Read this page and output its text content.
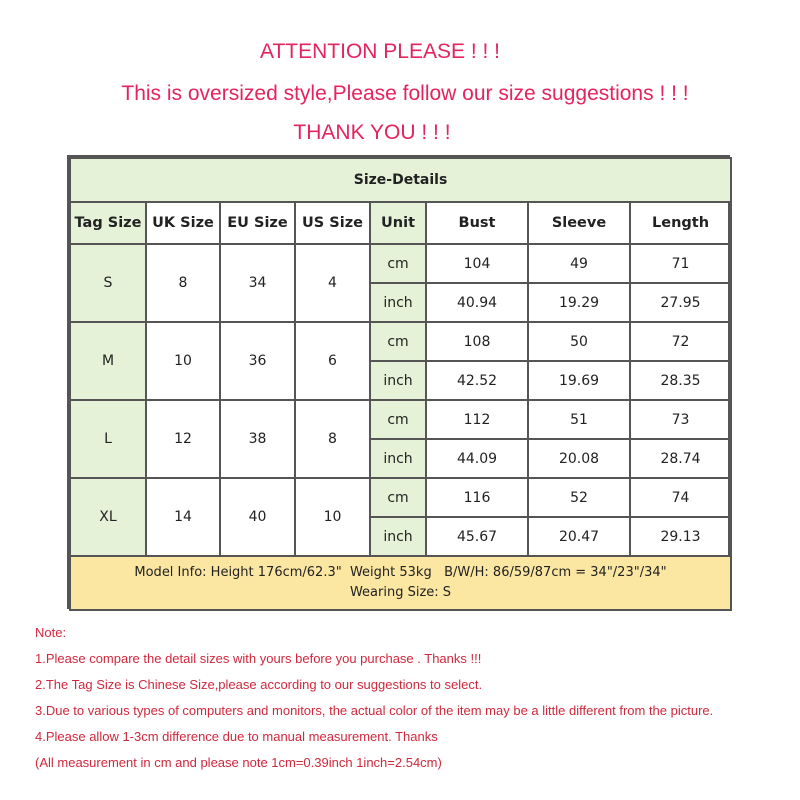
ATTENTION PLEASE ! ! !
This is oversized style,Please follow our size suggestions ! ! !
THANK YOU ! ! !
Size-Details							
Tag Size	UK Size	EU Size	US Size	Unit	Bust	Sleeve	Length
S	8	34	4	cm	104	49	71
				inch	40.94	19.29	27.95
M	10	36	6	cm	108	50	72
				inch	42.52	19.69	28.35
L	12	38	8	cm	112	51	73
				inch	44.09	20.08	28.74
XL	14	40	10	cm	116	52	74
				inch	45.67	20.47	29.13

Model Info: Height 176cm/62.3"  Weight 53kg   B/W/H: 86/59/87cm = 34"/23"/34"
Wearing Size: S							
Note:
1.Please compare the detail sizes with yours before you purchase . Thanks !!!
2.The Tag Size is Chinese Size,please according to our suggestions to select.
3.Due to various types of computers and monitors, the actual color of the item may be a little different from the picture.
4.Please allow 1-3cm difference due to manual measurement. Thanks
(All measurement in cm and please note 1cm=0.39inch 1inch=2.54cm)
